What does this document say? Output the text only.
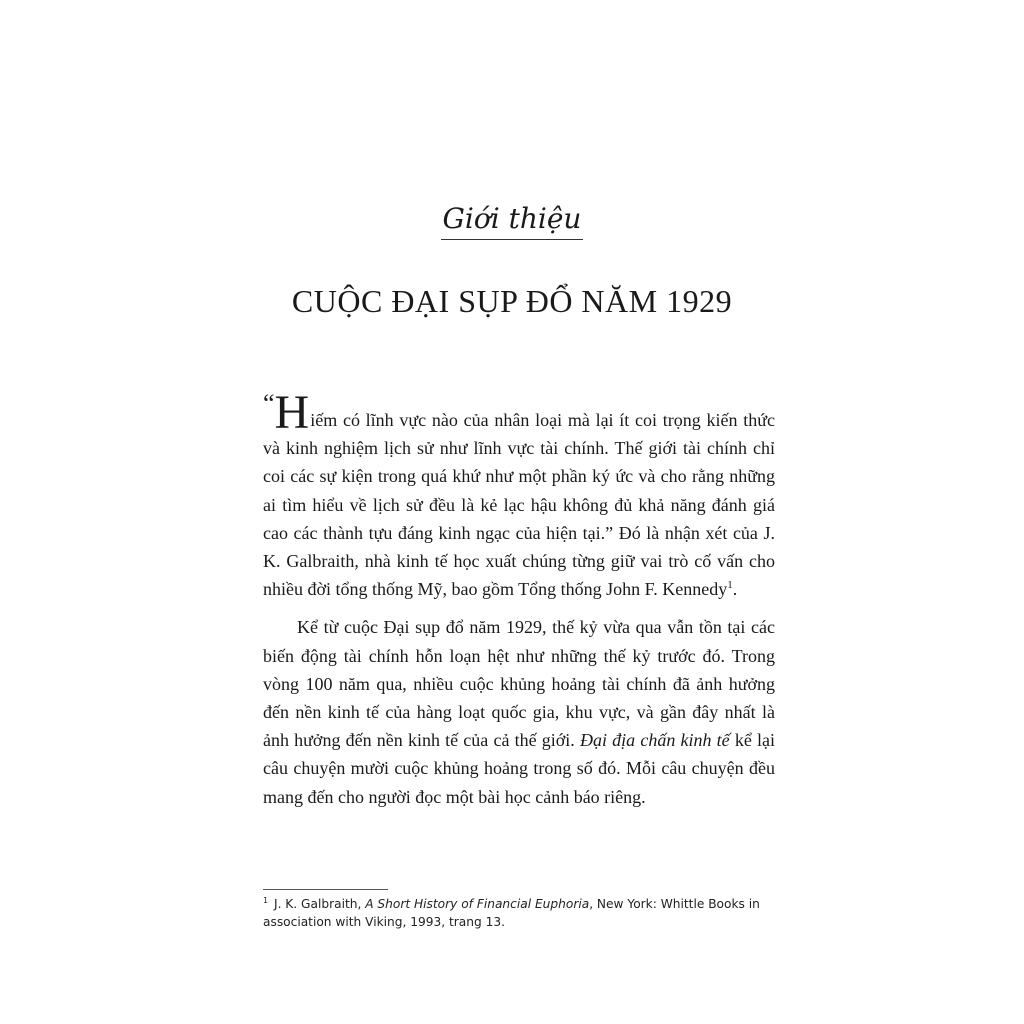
Giới thiệu
CUỘC ĐẠI SỤP ĐỔ NĂM 1929

“Hiếm có lĩnh vực nào của nhân loại mà lại ít coi trọng kiến thức và kinh nghiệm lịch sử như lĩnh vực tài chính. Thế giới tài chính chỉ coi các sự kiện trong quá khứ như một phần ký ức và cho rằng những ai tìm hiểu về lịch sử đều là kẻ lạc hậu không đủ khả năng đánh giá cao các thành tựu đáng kinh ngạc của hiện tại.” Đó là nhận xét của J. K. Galbraith, nhà kinh tế học xuất chúng từng giữ vai trò cố vấn cho nhiều đời tổng thống Mỹ, bao gồm Tổng thống John F. Kennedy$^1$.

Kể từ cuộc Đại sụp đổ năm 1929, thế kỷ vừa qua vẫn tồn tại các biến động tài chính hỗn loạn hệt như những thế kỷ trước đó. Trong vòng 100 năm qua, nhiều cuộc khủng hoảng tài chính đã ảnh hưởng đến nền kinh tế của hàng loạt quốc gia, khu vực, và gần đây nhất là ảnh hưởng đến nền kinh tế của cả thế giới. Đại địa chấn kinh tế kể lại câu chuyện mười cuộc khủng hoảng trong số đó. Mỗi câu chuyện đều mang đến cho người đọc một bài học cảnh báo riêng.

$^1$ J. K. Galbraith, A Short History of Financial Euphoria, New York: Whittle Books in association with Viking, 1993, trang 13.
